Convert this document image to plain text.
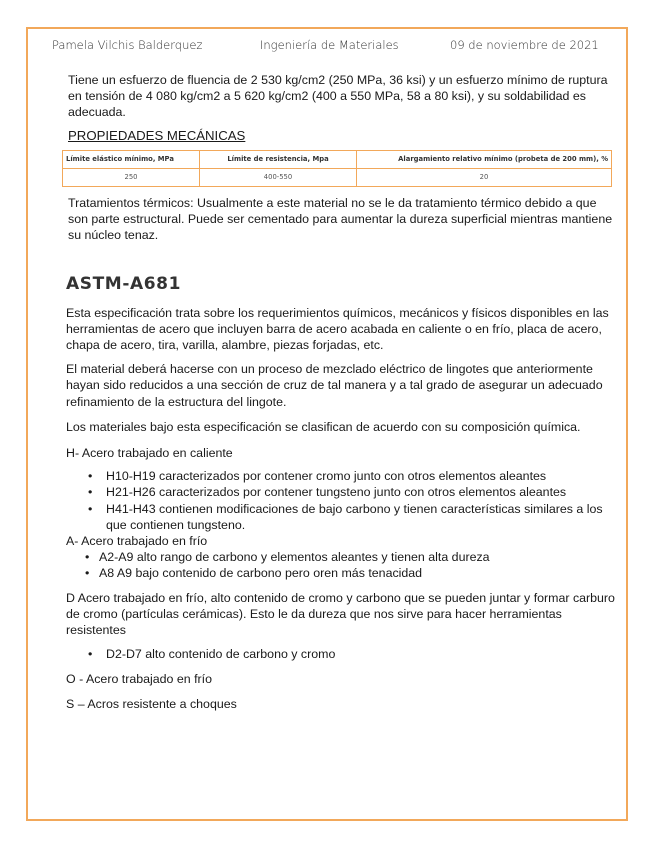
Pamela Vilchis Balderquez	Ingeniería de Materiales	09 de noviembre de 2021

Tiene un esfuerzo de fluencia de 2 530 kg/cm2 (250 MPa, 36 ksi) y un esfuerzo mínimo de ruptura en tensión de 4 080 kg/cm2 a 5 620 kg/cm2 (400 a 550 MPa, 58 a 80 ksi), y su soldabilidad es adecuada.

PROPIEDADES MECÁNICAS

Límite elástico mínimo, MPa	Límite de resistencia, Mpa	Alargamiento relativo mínimo (probeta de 200 mm), %
250	400-550	20

Tratamientos térmicos: Usualmente a este material no se le da tratamiento térmico debido a que son parte estructural. Puede ser cementado para aumentar la dureza superficial mientras mantiene su núcleo tenaz.

ASTM-A681

Esta especificación trata sobre los requerimientos químicos, mecánicos y físicos disponibles en las herramientas de acero que incluyen barra de acero acabada en caliente o en frío, placa de acero, chapa de acero, tira, varilla, alambre, piezas forjadas, etc.

El material deberá hacerse con un proceso de mezclado eléctrico de lingotes que anteriormente hayan sido reducidos a una sección de cruz de tal manera y a tal grado de asegurar un adecuado refinamiento de la estructura del lingote.

Los materiales bajo esta especificación se clasifican de acuerdo con su composición química.

H- Acero trabajado en caliente

• H10-H19 caracterizados por contener cromo junto con otros elementos aleantes
• H21-H26 caracterizados por contener tungsteno junto con otros elementos aleantes
• H41-H43 contienen modificaciones de bajo carbono y tienen características similares a los que contienen tungsteno.

A- Acero trabajado en frío

• A2-A9 alto rango de carbono y elementos aleantes y tienen alta dureza
• A8 A9 bajo contenido de carbono pero oren más tenacidad

D Acero trabajado en frío, alto contenido de cromo y carbono que se pueden juntar y formar carburo de cromo (partículas cerámicas). Esto le da dureza que nos sirve para hacer herramientas resistentes

• D2-D7 alto contenido de carbono y cromo

O - Acero trabajado en frío

S – Acros resistente a choques
